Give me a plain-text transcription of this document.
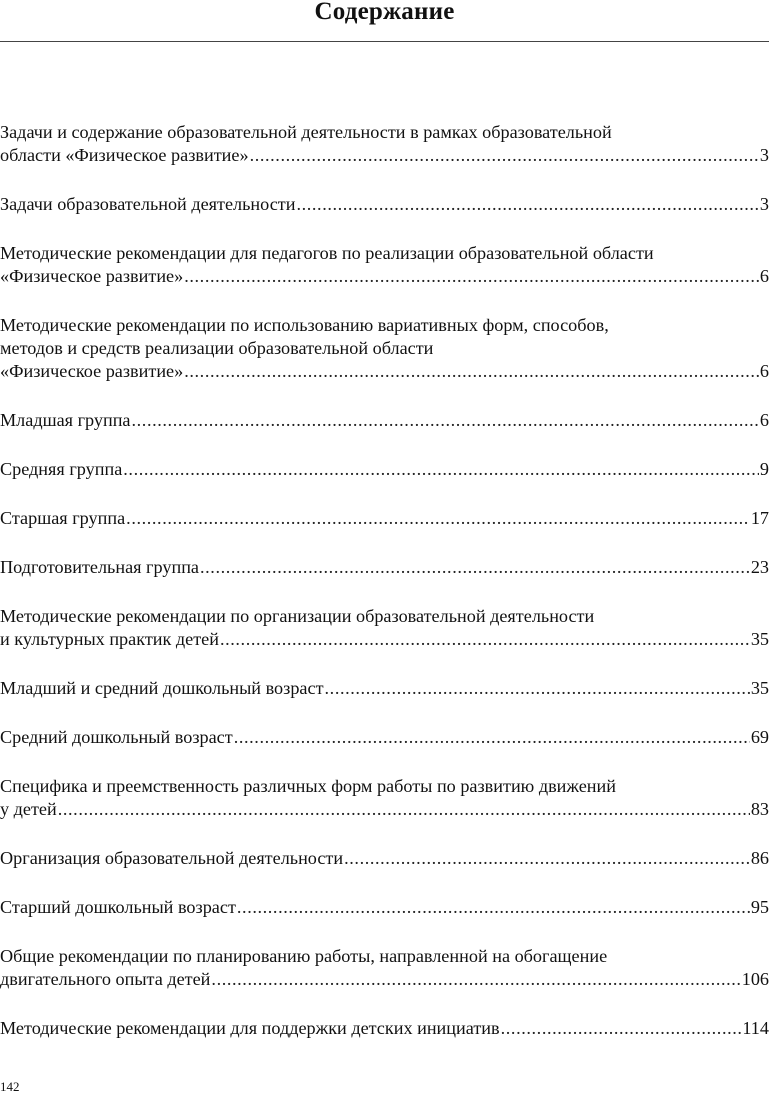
Содержание
Задачи и содержание образовательной деятельности в рамках образовательной
области «Физическое развитие» .....	3
Задачи образовательной деятельности .....	3
Методические рекомендации для педагогов по реализации образовательной области
«Физическое развитие» .....	6
Методические рекомендации по использованию вариативных форм, способов,
методов и средств реализации образовательной области
«Физическое развитие» .....	6
Младшая группа .....	6
Средняя группа .....	9
Старшая группа .....	17
Подготовительная группа .....	23
Методические рекомендации по организации образовательной деятельности
и культурных практик детей .....	35
Младший и средний дошкольный возраст .....	35
Средний дошкольный возраст .....	69
Специфика и преемственность различных форм работы по развитию движений
у детей .....	83
Организация образовательной деятельности .....	86
Старший дошкольный возраст .....	95
Общие рекомендации по планированию работы, направленной на обогащение
двигательного опыта детей .....	106
Методические рекомендации для поддержки детских инициатив .....	114
142
